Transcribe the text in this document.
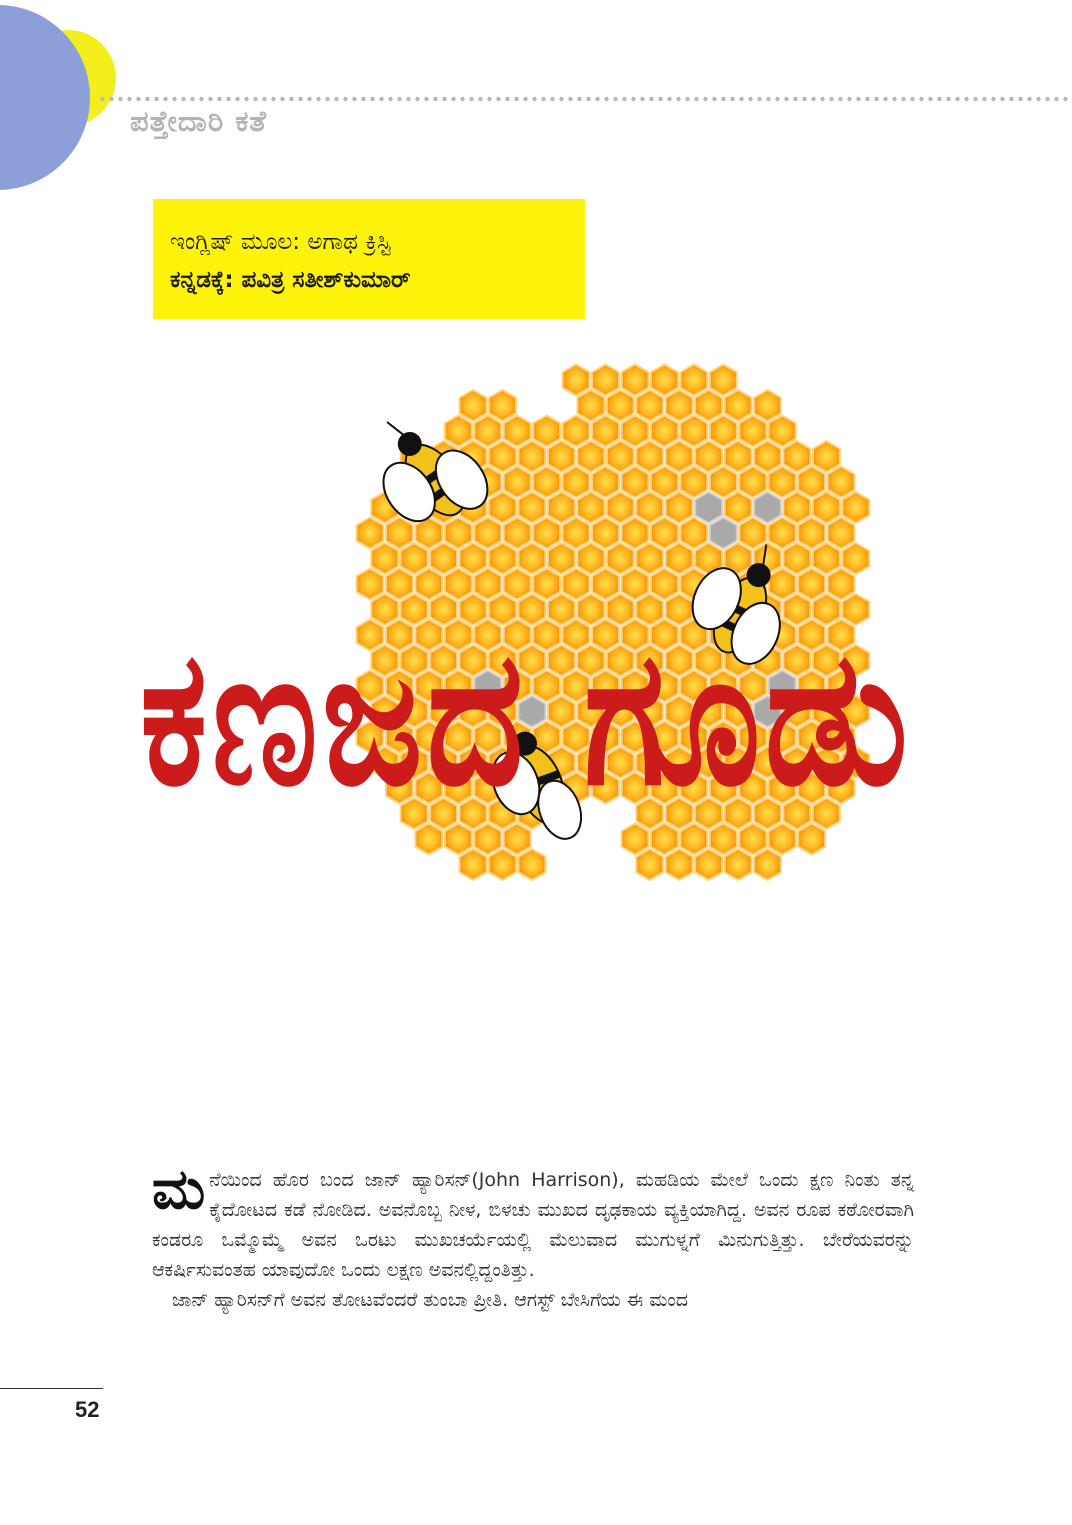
ಪತ್ತೇದಾರಿ ಕತೆ
ಇಂಗ್ಲಿಷ್ ಮೂಲ: ಅಗಾಥ ಕ್ರಿಸ್ಟಿ
ಕನ್ನಡಕ್ಕೆ: ಪವಿತ್ರ ಸತೀಶ್‌ಕುಮಾರ್
ಕಣಜದ ಗೂಡು

ಮನೆಯಿಂದ ಹೊರ ಬಂದ ಜಾನ್ ಹ್ಯಾರಿಸನ್(John Harrison), ಮಹಡಿಯ ಮೇಲೆ ಒಂದು ಕ್ಷಣ ನಿಂತು ತನ್ನ ಕೈದೋಟದ ಕಡೆ ನೋಡಿದ. ಅವನೊಬ್ಬ ನೀಳ, ಬಿಳಚು ಮುಖದ ದೃಢಕಾಯ ವ್ಯಕ್ತಿಯಾಗಿದ್ದ. ಅವನ ರೂಪ ಕಠೋರವಾಗಿ ಕಂಡರೂ ಒಮ್ಮೊಮ್ಮೆ ಅವನ ಒರಟು ಮುಖಚರ್ಯೆಯಲ್ಲಿ ಮೆಲುವಾದ ಮುಗುಳ್ನಗೆ ಮಿನುಗುತ್ತಿತ್ತು. ಬೇರೆಯವರನ್ನು ಆಕರ್ಷಿಸುವಂತಹ ಯಾವುದೋ ಒಂದು ಲಕ್ಷಣ ಅವನಲ್ಲಿದ್ದಂತಿತ್ತು.

ಜಾನ್ ಹ್ಯಾರಿಸನ್‌ಗೆ ಅವನ ತೋಟವೆಂದರೆ ತುಂಬಾ ಪ್ರೀತಿ. ಆಗಸ್ಟ್ ಬೇಸಿಗೆಯ ಈ ಮಂದ

52
